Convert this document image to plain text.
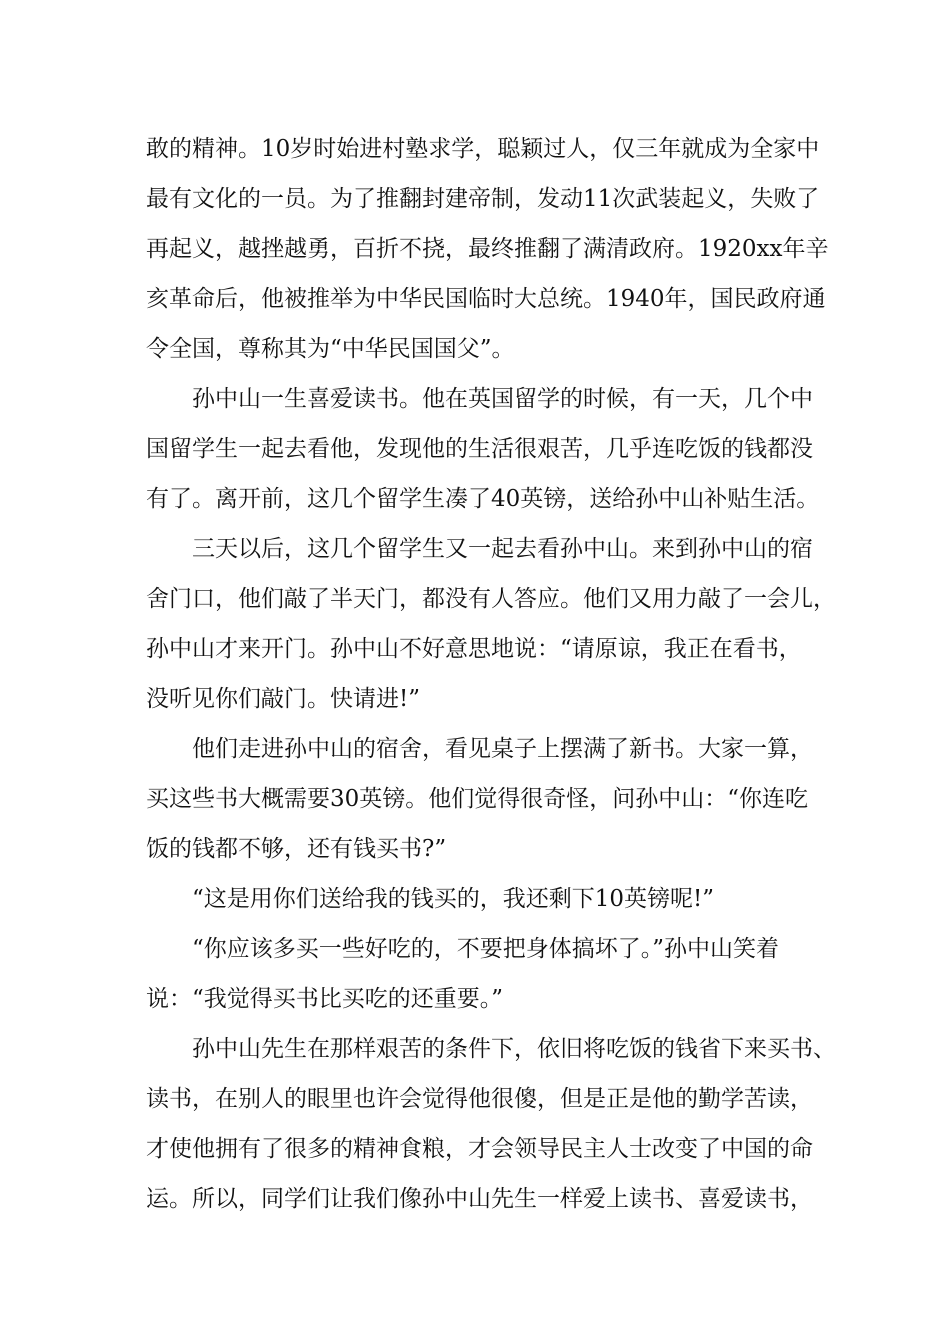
敢的精神。10岁时始进村塾求学，聪颖过人，仅三年就成为全家中
最有文化的一员。为了推翻封建帝制，发动11次武装起义，失败了
再起义，越挫越勇，百折不挠，最终推翻了满清政府。1920xx年辛
亥革命后，他被推举为中华民国临时大总统。1940年，国民政府通
令全国，尊称其为“中华民国国父”。
　　孙中山一生喜爱读书。他在英国留学的时候，有一天，几个中
国留学生一起去看他，发现他的生活很艰苦，几乎连吃饭的钱都没
有了。离开前，这几个留学生凑了40英镑，送给孙中山补贴生活。
　　三天以后，这几个留学生又一起去看孙中山。来到孙中山的宿
舍门口，他们敲了半天门，都没有人答应。他们又用力敲了一会儿，
孙中山才来开门。孙中山不好意思地说：“请原谅，我正在看书，
没听见你们敲门。快请进!”
　　他们走进孙中山的宿舍，看见桌子上摆满了新书。大家一算，
买这些书大概需要30英镑。他们觉得很奇怪，问孙中山：“你连吃
饭的钱都不够，还有钱买书?”
　　“这是用你们送给我的钱买的，我还剩下10英镑呢!”
　　“你应该多买一些好吃的，不要把身体搞坏了。”孙中山笑着
说：“我觉得买书比买吃的还重要。”
　　孙中山先生在那样艰苦的条件下，依旧将吃饭的钱省下来买书、
读书，在别人的眼里也许会觉得他很傻，但是正是他的勤学苦读，
才使他拥有了很多的精神食粮，才会领导民主人士改变了中国的命
运。所以，同学们让我们像孙中山先生一样爱上读书、喜爱读书，
